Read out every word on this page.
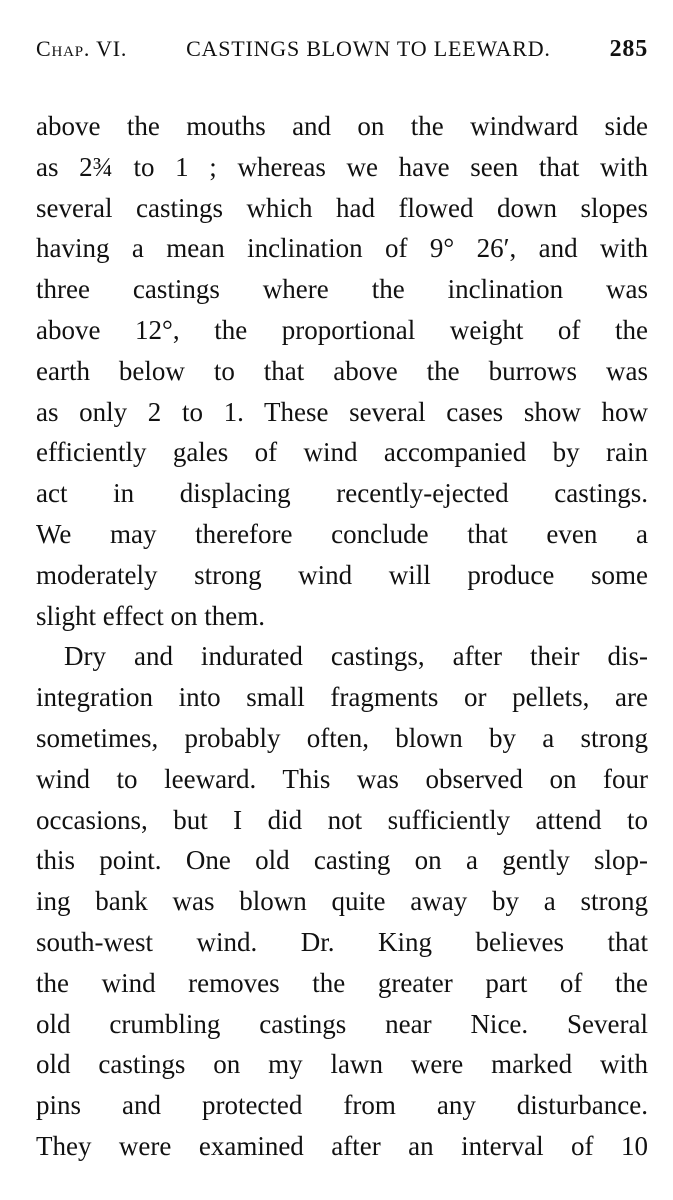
Chap. VI.	CASTINGS BLOWN TO LEEWARD.	285

above the mouths and on the windward side
as 2¾ to 1 ; whereas we have seen that with
several castings which had flowed down slopes
having a mean inclination of 9° 26′, and with
three castings where the inclination was
above 12°, the proportional weight of the
earth below to that above the burrows was
as only 2 to 1. These several cases show how
efficiently gales of wind accompanied by rain
act in displacing recently-ejected castings.
We may therefore conclude that even a
moderately strong wind will produce some
slight effect on them.

Dry and indurated castings, after their dis-
integration into small fragments or pellets, are
sometimes, probably often, blown by a strong
wind to leeward. This was observed on four
occasions, but I did not sufficiently attend to
this point. One old casting on a gently slop-
ing bank was blown quite away by a strong
south-west wind. Dr. King believes that
the wind removes the greater part of the
old crumbling castings near Nice. Several
old castings on my lawn were marked with
pins and protected from any disturbance.
They were examined after an interval of 10
